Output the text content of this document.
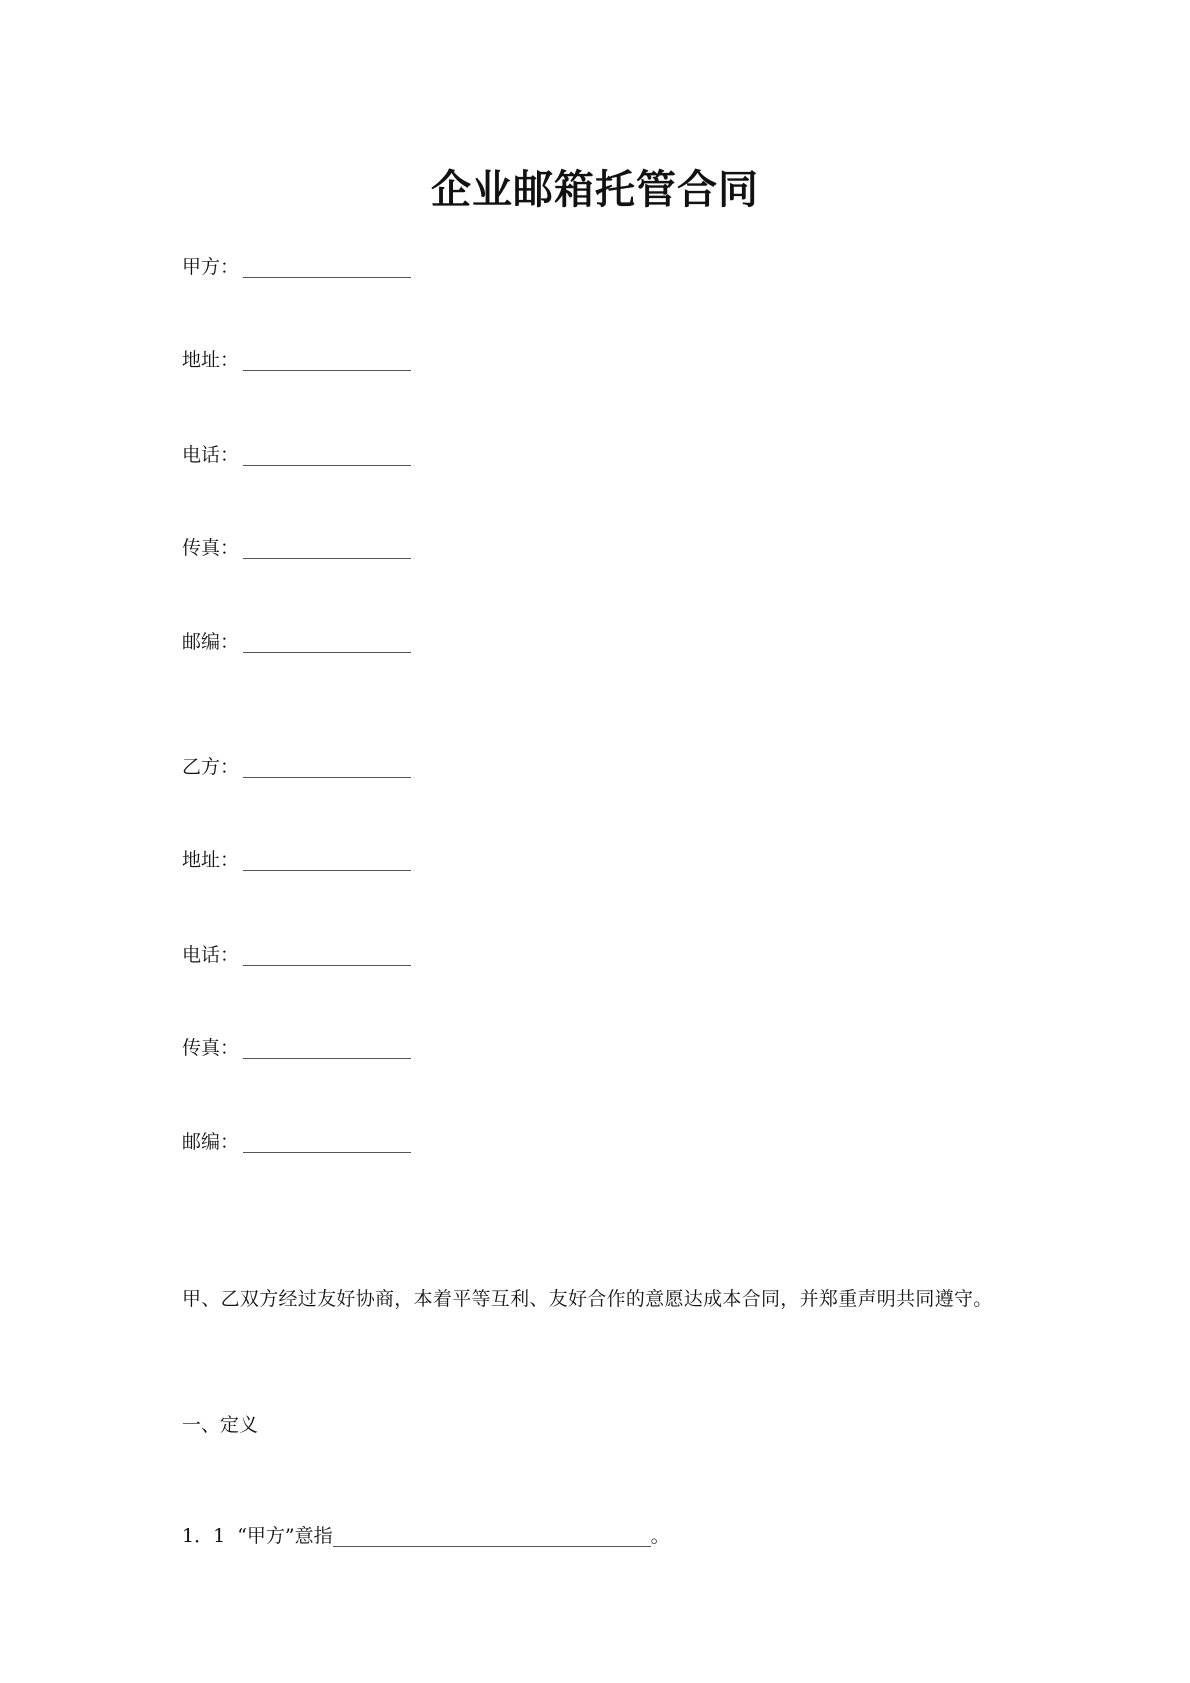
企业邮箱托管合同
甲方：
地址：
电话：
传真：
邮编：
乙方：
地址：
电话：
传真：
邮编：
甲、乙双方经过友好协商，本着平等互利、友好合作的意愿达成本合同，并郑重声明共同遵守。
一、定义
1．1 “甲方”意指	。
